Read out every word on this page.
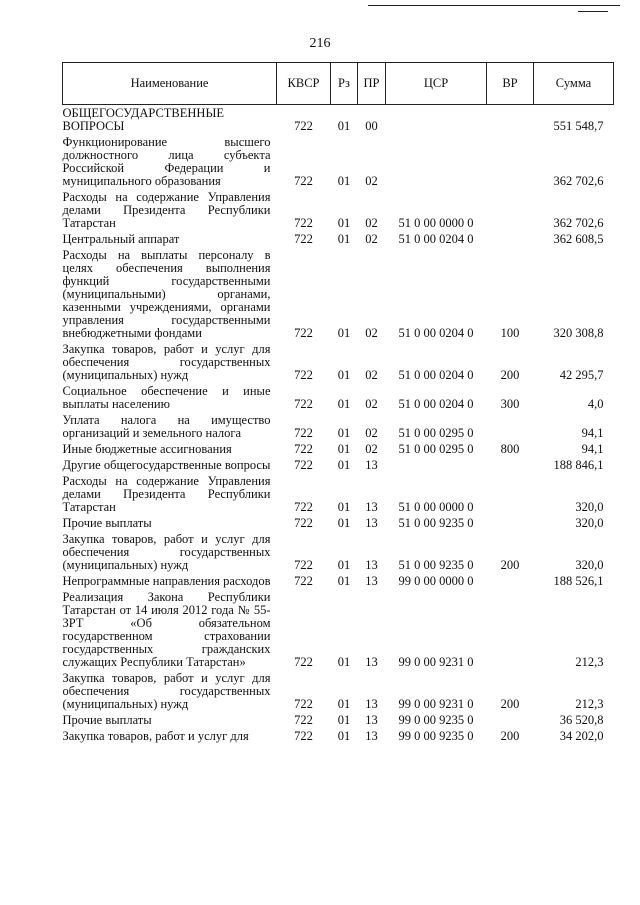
216
Наименование	КВСР	Рз	ПР	ЦСР	ВР	Сумма
ОБЩЕГОСУДАРСТВЕННЫЕ ВОПРОСЫ	722	01	00			551 548,7
Функционирование высшего должностного лица субъекта Российской Федерации и муниципального образования	722	01	02			362 702,6
Расходы на содержание Управления делами Президента Республики Татарстан	722	01	02	51 0 00 0000 0		362 702,6
Центральный аппарат	722	01	02	51 0 00 0204 0		362 608,5
Расходы на выплаты персоналу в целях обеспечения выполнения функций государственными (муниципальными) органами, казенными учреждениями, органами управления государственными внебюджетными фондами	722	01	02	51 0 00 0204 0	100	320 308,8
Закупка товаров, работ и услуг для обеспечения государственных (муниципальных) нужд	722	01	02	51 0 00 0204 0	200	42 295,7
Социальное обеспечение и иные выплаты населению	722	01	02	51 0 00 0204 0	300	4,0
Уплата налога на имущество организаций и земельного налога	722	01	02	51 0 00 0295 0		94,1
Иные бюджетные ассигнования	722	01	02	51 0 00 0295 0	800	94,1
Другие общегосударственные вопросы	722	01	13			188 846,1
Расходы на содержание Управления делами Президента Республики Татарстан	722	01	13	51 0 00 0000 0		320,0
Прочие выплаты	722	01	13	51 0 00 9235 0		320,0
Закупка товаров, работ и услуг для обеспечения государственных (муниципальных) нужд	722	01	13	51 0 00 9235 0	200	320,0
Непрограммные направления расходов	722	01	13	99 0 00 0000 0		188 526,1
Реализация Закона Республики Татарстан от 14 июля 2012 года № 55-ЗРТ «Об обязательном государственном страховании государственных гражданских служащих Республики Татарстан»	722	01	13	99 0 00 9231 0		212,3
Закупка товаров, работ и услуг для обеспечения государственных (муниципальных) нужд	722	01	13	99 0 00 9231 0	200	212,3
Прочие выплаты	722	01	13	99 0 00 9235 0		36 520,8
Закупка товаров, работ и услуг для	722	01	13	99 0 00 9235 0	200	34 202,0
